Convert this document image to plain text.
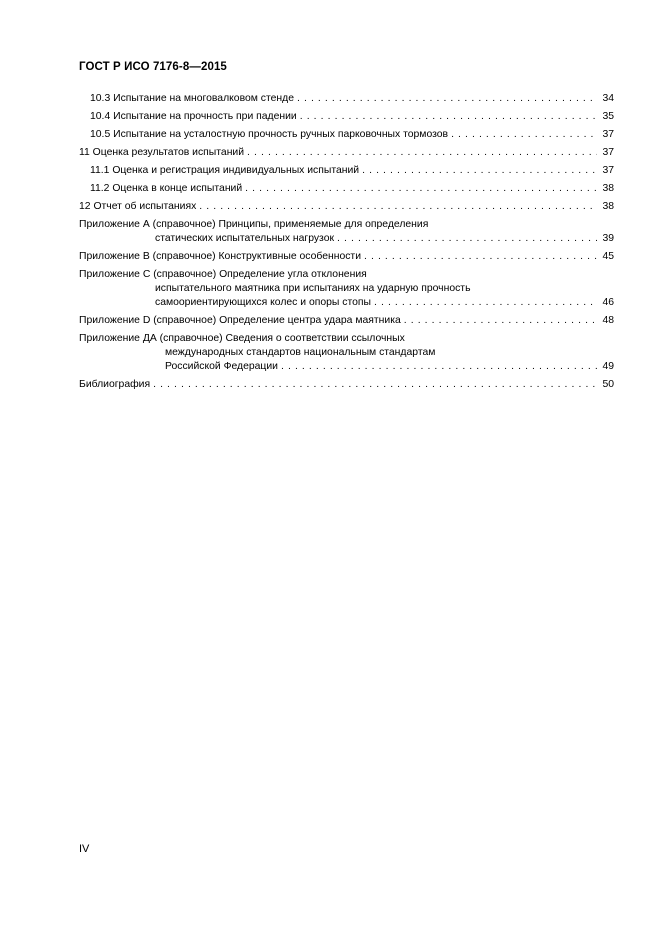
ГОСТ Р ИСО 7176-8—2015
10.3 Испытание на многовалковом стенде . . .	34
10.4 Испытание на прочность при падении . . .	35
10.5 Испытание на усталостную прочность ручных парковочных тормозов . . .	37
11 Оценка результатов испытаний . . .	37
11.1 Оценка и регистрация индивидуальных испытаний . . .	37
11.2 Оценка в конце испытаний . . .	38
12 Отчет об испытаниях . . .	38
Приложение А (справочное) Принципы, применяемые для определения
статических испытательных нагрузок . . .	39
Приложение В (справочное) Конструктивные особенности . . .	45
Приложение С (справочное) Определение угла отклонения
испытательного маятника при испытаниях на ударную прочность
самоориентирующихся колес и опоры стопы . . .	46
Приложение D (справочное) Определение центра удара маятника . . .	48
Приложение ДА (справочное) Сведения о соответствии ссылочных
международных стандартов национальным стандартам
Российской Федерации . . .	49
Библиография . . .	50
IV
